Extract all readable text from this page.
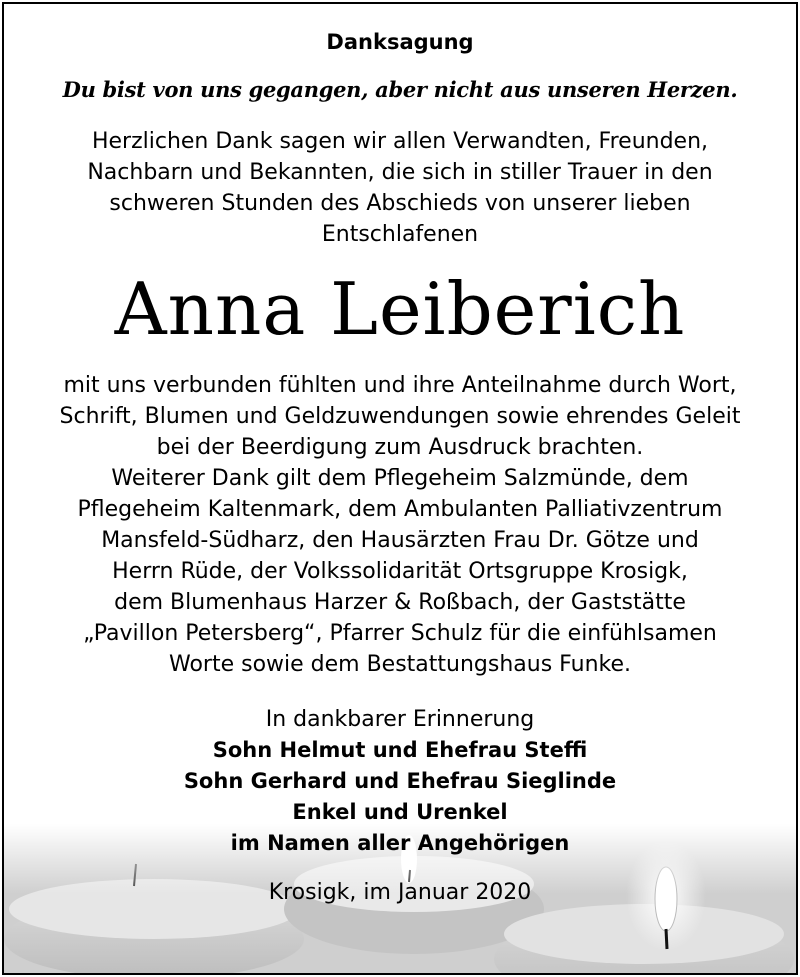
Danksagung
Du bist von uns gegangen, aber nicht aus unseren Herzen.
Herzlichen Dank sagen wir allen Verwandten, Freunden,
Nachbarn und Bekannten, die sich in stiller Trauer in den
schweren Stunden des Abschieds von unserer lieben
Entschlafenen
Anna Leiberich
mit uns verbunden fühlten und ihre Anteilnahme durch Wort,
Schrift, Blumen und Geldzuwendungen sowie ehrendes Geleit
bei der Beerdigung zum Ausdruck brachten.
Weiterer Dank gilt dem Pflegeheim Salzmünde, dem
Pflegeheim Kaltenmark, dem Ambulanten Palliativzentrum
Mansfeld-Südharz, den Hausärzten Frau Dr. Götze und
Herrn Rüde, der Volkssolidarität Ortsgruppe Krosigk,
dem Blumenhaus Harzer & Roßbach, der Gaststätte
„Pavillon Petersberg“, Pfarrer Schulz für die einfühlsamen
Worte sowie dem Bestattungshaus Funke.
In dankbarer Erinnerung
Sohn Helmut und Ehefrau Steffi
Sohn Gerhard und Ehefrau Sieglinde
Enkel und Urenkel
im Namen aller Angehörigen
Krosigk, im Januar 2020
